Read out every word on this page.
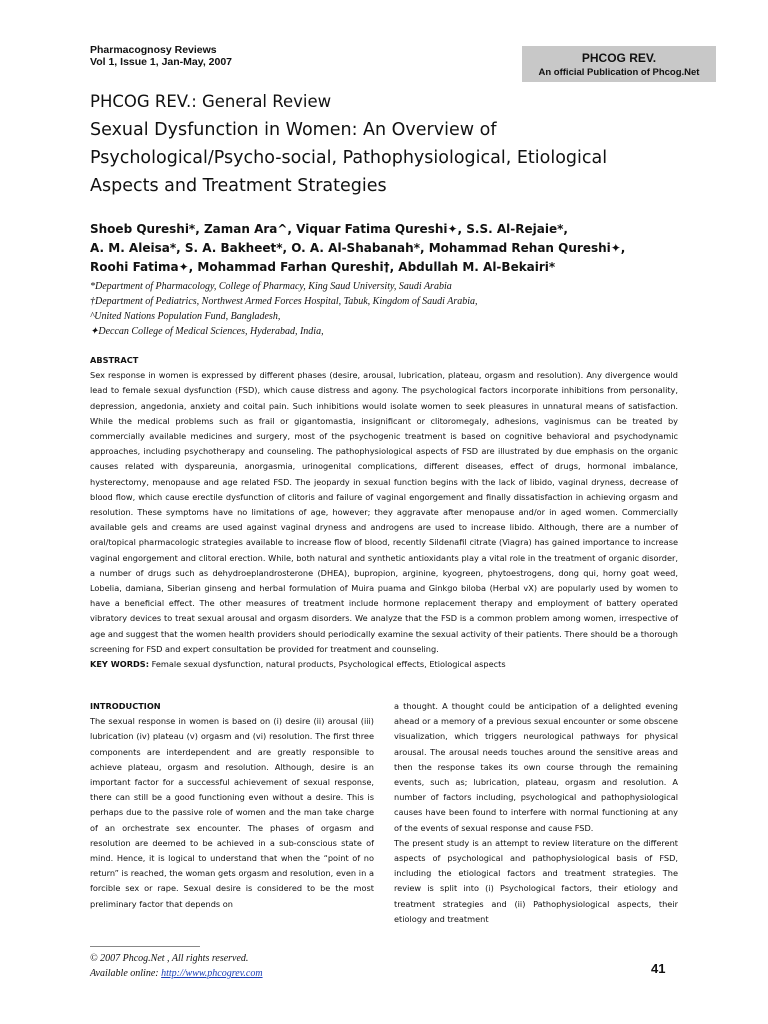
Pharmacognosy Reviews
Vol 1, Issue 1, Jan-May, 2007	PHCOG REV.
An official Publication of Phcog.Net
PHCOG REV.: General Review
Sexual Dysfunction in Women: An Overview of
Psychological/Psycho-social, Pathophysiological, Etiological
Aspects and Treatment Strategies
Shoeb Qureshi*, Zaman Ara^, Viquar Fatima Qureshi✦, S.S. Al-Rejaie*,
A. M. Aleisa*, S. A. Bakheet*, O. A. Al-Shabanah*, Mohammad Rehan Qureshi✦,
Roohi Fatima✦, Mohammad Farhan Qureshi†, Abdullah M. Al-Bekairi*
*Department of Pharmacology, College of Pharmacy, King Saud University, Saudi Arabia
†Department of Pediatrics, Northwest Armed Forces Hospital, Tabuk, Kingdom of Saudi Arabia,
^United Nations Population Fund, Bangladesh,
✦Deccan College of Medical Sciences, Hyderabad, India,
ABSTRACT

Sex response in women is expressed by different phases (desire, arousal, lubrication, plateau, orgasm and resolution). Any divergence would lead to female sexual dysfunction (FSD), which cause distress and agony. The psychological factors incorporate inhibitions from personality, depression, angedonia, anxiety and coital pain. Such inhibitions would isolate women to seek pleasures in unnatural means of satisfaction. While the medical problems such as frail or gigantomastia, insignificant or clitoromegaly, adhesions, vaginismus can be treated by commercially available medicines and surgery, most of the psychogenic treatment is based on cognitive behavioral and psychodynamic approaches, including psychotherapy and counseling. The pathophysiological aspects of FSD are illustrated by due emphasis on the organic causes related with dyspareunia, anorgasmia, urinogenital complications, different diseases, effect of drugs, hormonal imbalance, hysterectomy, menopause and age related FSD. The jeopardy in sexual function begins with the lack of libido, vaginal dryness, decrease of blood flow, which cause erectile dysfunction of clitoris and failure of vaginal engorgement and finally dissatisfaction in achieving orgasm and resolution. These symptoms have no limitations of age, however; they aggravate after menopause and/or in aged women. Commercially available gels and creams are used against vaginal dryness and androgens are used to increase libido. Although, there are a number of oral/topical pharmacologic strategies available to increase flow of blood, recently Sildenafil citrate (Viagra) has gained importance to increase vaginal engorgement and clitoral erection. While, both natural and synthetic antioxidants play a vital role in the treatment of organic disorder, a number of drugs such as dehydroeplandrosterone (DHEA), bupropion, arginine, kyogreen, phytoestrogens, dong qui, horny goat weed, Lobelia, damiana, Siberian ginseng and herbal formulation of Muira puama and Ginkgo biloba (Herbal vX) are popularly used by women to have a beneficial effect. The other measures of treatment include hormone replacement therapy and employment of battery operated vibratory devices to treat sexual arousal and orgasm disorders. We analyze that the FSD is a common problem among women, irrespective of age and suggest that the women health providers should periodically examine the sexual activity of their patients. There should be a thorough screening for FSD and expert consultation be provided for treatment and counseling.

KEY WORDS: Female sexual dysfunction, natural products, Psychological effects, Etiological aspects
INTRODUCTION

The sexual response in women is based on (i) desire (ii) arousal (iii) lubrication (iv) plateau (v) orgasm and (vi) resolution. The first three components are interdependent and are greatly responsible to achieve plateau, orgasm and resolution. Although, desire is an important factor for a successful achievement of sexual response, there can still be a good functioning even without a desire. This is perhaps due to the passive role of women and the man take charge of an orchestrate sex encounter. The phases of orgasm and resolution are deemed to be achieved in a sub-conscious state of mind. Hence, it is logical to understand that when the “point of no return” is reached, the woman gets orgasm and resolution, even in a forcible sex or rape. Sexual desire is considered to be the most preliminary factor that depends on

a thought. A thought could be anticipation of a delighted evening ahead or a memory of a previous sexual encounter or some obscene visualization, which triggers neurological pathways for physical arousal. The arousal needs touches around the sensitive areas and then the response takes its own course through the remaining events, such as; lubrication, plateau, orgasm and resolution. A number of factors including, psychological and pathophysiological causes have been found to interfere with normal functioning at any of the events of sexual response and cause FSD.

The present study is an attempt to review literature on the different aspects of psychological and pathophysiological basis of FSD, including the etiological factors and treatment strategies. The review is split into (i) Psychological factors, their etiology and treatment strategies and (ii) Pathophysiological aspects, their etiology and treatment

© 2007 Phcog.Net , All rights reserved.
Available online: http://www.phcogrev.com	41
